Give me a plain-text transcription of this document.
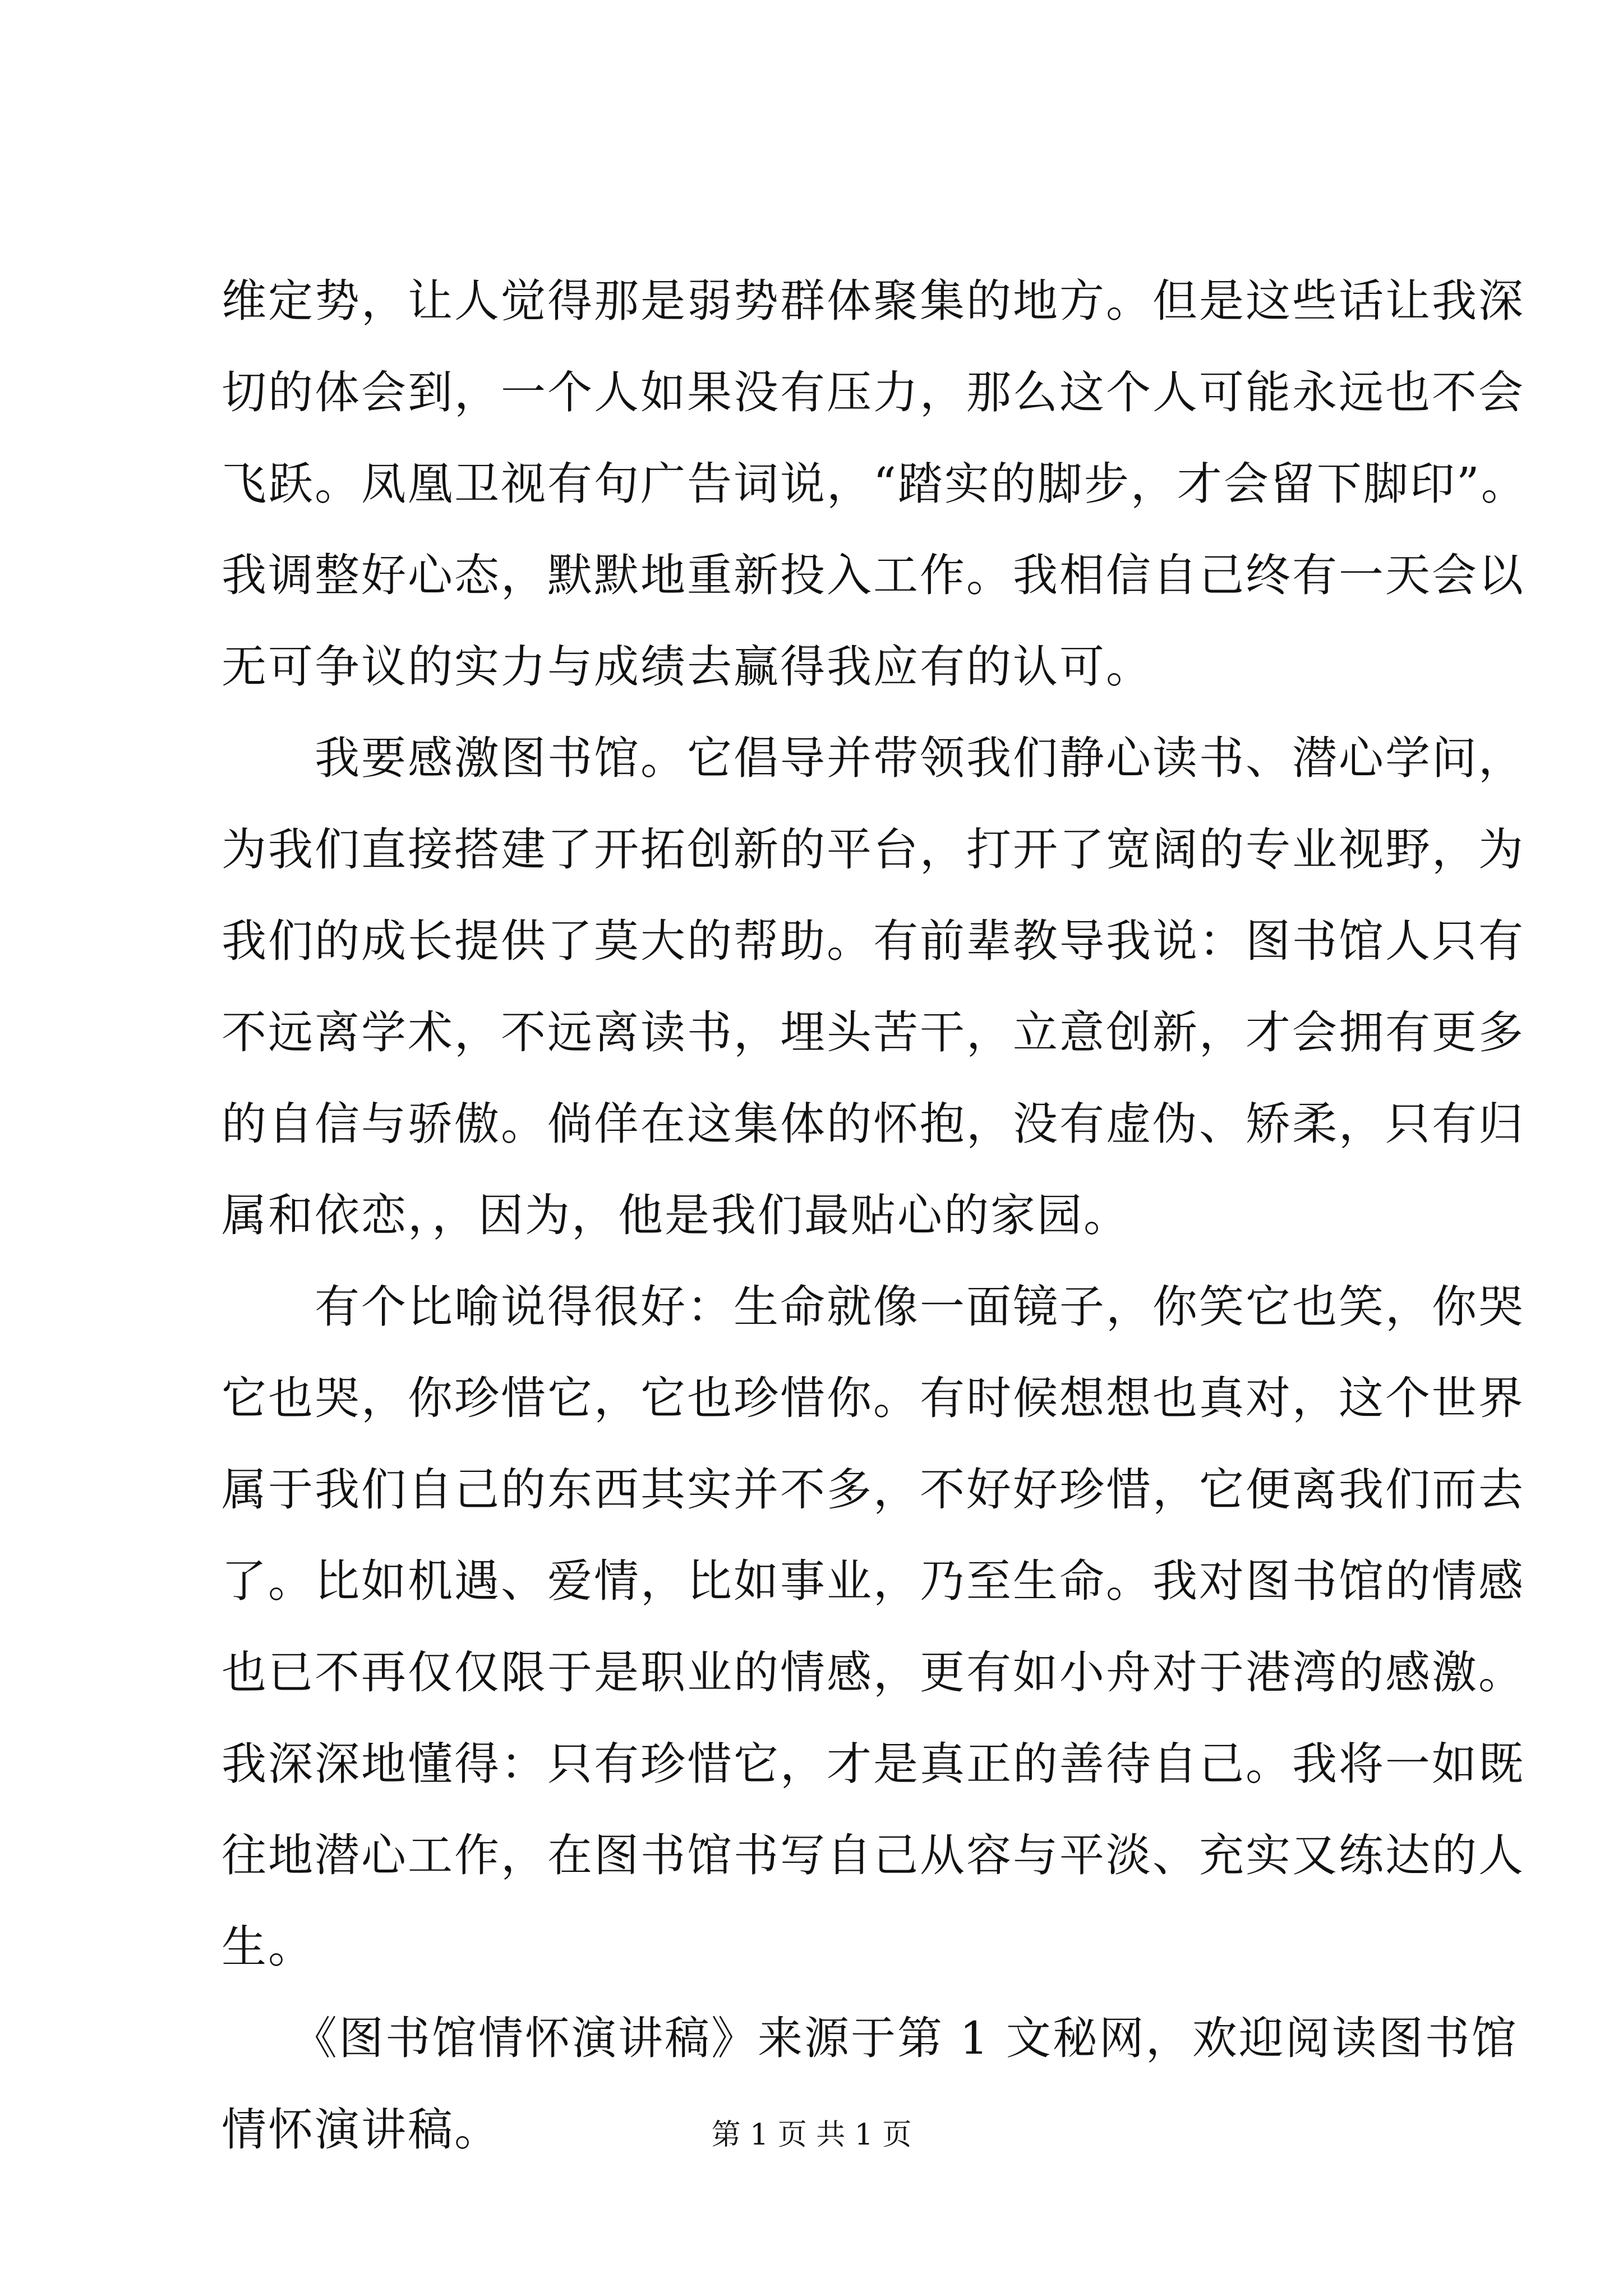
维定势，让人觉得那是弱势群体聚集的地方。但是这些话让我深
切的体会到，一个人如果没有压力，那么这个人可能永远也不会
飞跃。凤凰卫视有句广告词说，“踏实的脚步，才会留下脚印”。
我调整好心态，默默地重新投入工作。我相信自己终有一天会以
无可争议的实力与成绩去赢得我应有的认可。
　　我要感激图书馆。它倡导并带领我们静心读书、潜心学问，
为我们直接搭建了开拓创新的平台，打开了宽阔的专业视野，为
我们的成长提供了莫大的帮助。有前辈教导我说：图书馆人只有
不远离学术，不远离读书，埋头苦干，立意创新，才会拥有更多
的自信与骄傲。倘佯在这集体的怀抱，没有虚伪、矫柔，只有归
属和依恋，，因为，他是我们最贴心的家园。
　　有个比喻说得很好：生命就像一面镜子，你笑它也笑，你哭
它也哭，你珍惜它，它也珍惜你。有时候想想也真对，这个世界
属于我们自己的东西其实并不多，不好好珍惜，它便离我们而去
了。比如机遇、爱情，比如事业，乃至生命。我对图书馆的情感
也已不再仅仅限于是职业的情感，更有如小舟对于港湾的感激。
我深深地懂得：只有珍惜它，才是真正的善待自己。我将一如既
往地潜心工作，在图书馆书写自己从容与平淡、充实又练达的人
生。
　　《图书馆情怀演讲稿》来源于第 1 文秘网，欢迎阅读图书馆
情怀演讲稿。	第 1 页 共 1 页
